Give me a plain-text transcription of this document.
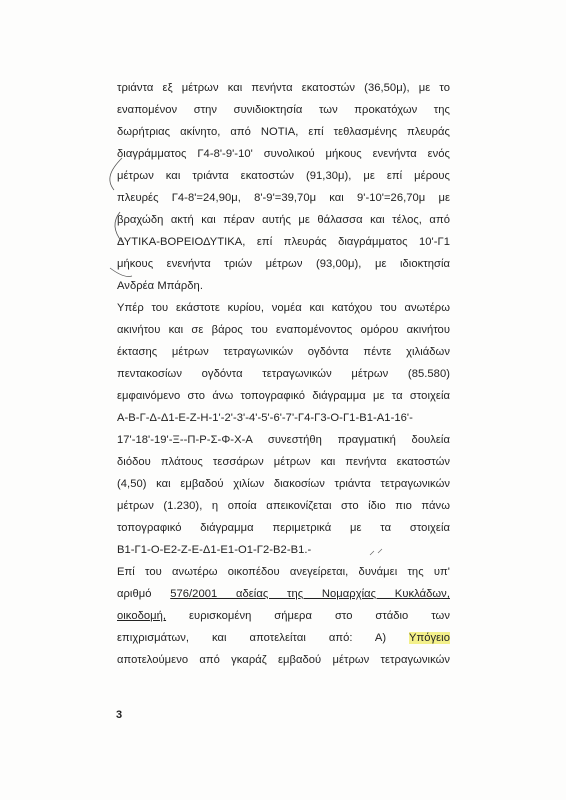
τριάντα εξ μέτρων και πενήντα εκατοστών (36,50μ), με το
εναπομένον στην συνιδιοκτησία των προκατόχων της
δωρήτριας ακίνητο, από ΝΟΤΙΑ, επί τεθλασμένης πλευράς
διαγράμματος Γ4-8'-9'-10' συνολικού μήκους ενενήντα ενός
μέτρων και τριάντα εκατοστών (91,30μ), με επί μέρους
πλευρές Γ4-8'=24,90μ, 8'-9'=39,70μ και 9'-10'=26,70μ με
βραχώδη ακτή και πέραν αυτής με θάλασσα και τέλος, από
ΔΥΤΙΚΑ-ΒΟΡΕΙΟΔΥΤΙΚΑ, επί πλευράς διαγράμματος 10'-Γ1
μήκους ενενήντα τριών μέτρων (93,00μ), με ιδιοκτησία
Ανδρέα Μπάρδη.
Υπέρ του εκάστοτε κυρίου, νομέα και κατόχου του ανωτέρω
ακινήτου και σε βάρος του εναπομένοντος ομόρου ακινήτου
έκτασης μέτρων τετραγωνικών ογδόντα πέντε χιλιάδων
πεντακοσίων ογδόντα τετραγωνικών μέτρων (85.580)
εμφαινόμενο στο άνω τοπογραφικό διάγραμμα με τα στοιχεία
Α-Β-Γ-Δ-Δ1-Ε-Ζ-Η-1'-2'-3'-4'-5'-6'-7'-Γ4-Γ3-Ο-Γ1-Β1-Α1-16'-
17'-18'-19'-Ξ--Π-Ρ-Σ-Φ-Χ-Α συνεστήθη πραγματική δουλεία
διόδου πλάτους τεσσάρων μέτρων και πενήντα εκατοστών
(4,50) και εμβαδού χιλίων διακοσίων τριάντα τετραγωνικών
μέτρων (1.230), η οποία απεικονίζεται στο ίδιο πιο πάνω
τοπογραφικό διάγραμμα περιμετρικά με τα στοιχεία
Β1-Γ1-Ο-Ε2-Ζ-Ε-Δ1-Ε1-Ο1-Γ2-Β2-Β1.-
Επί του ανωτέρω οικοπέδου ανεγείρεται, δυνάμει της υπ'
αριθμό 576/2001 αδείας της Νομαρχίας Κυκλάδων,
οικοδομή, ευρισκομένη σήμερα στο στάδιο των
επιχρισμάτων, και αποτελείται από: Α) Υπόγειο
αποτελούμενο από γκαράζ εμβαδού μέτρων τετραγωνικών
3
